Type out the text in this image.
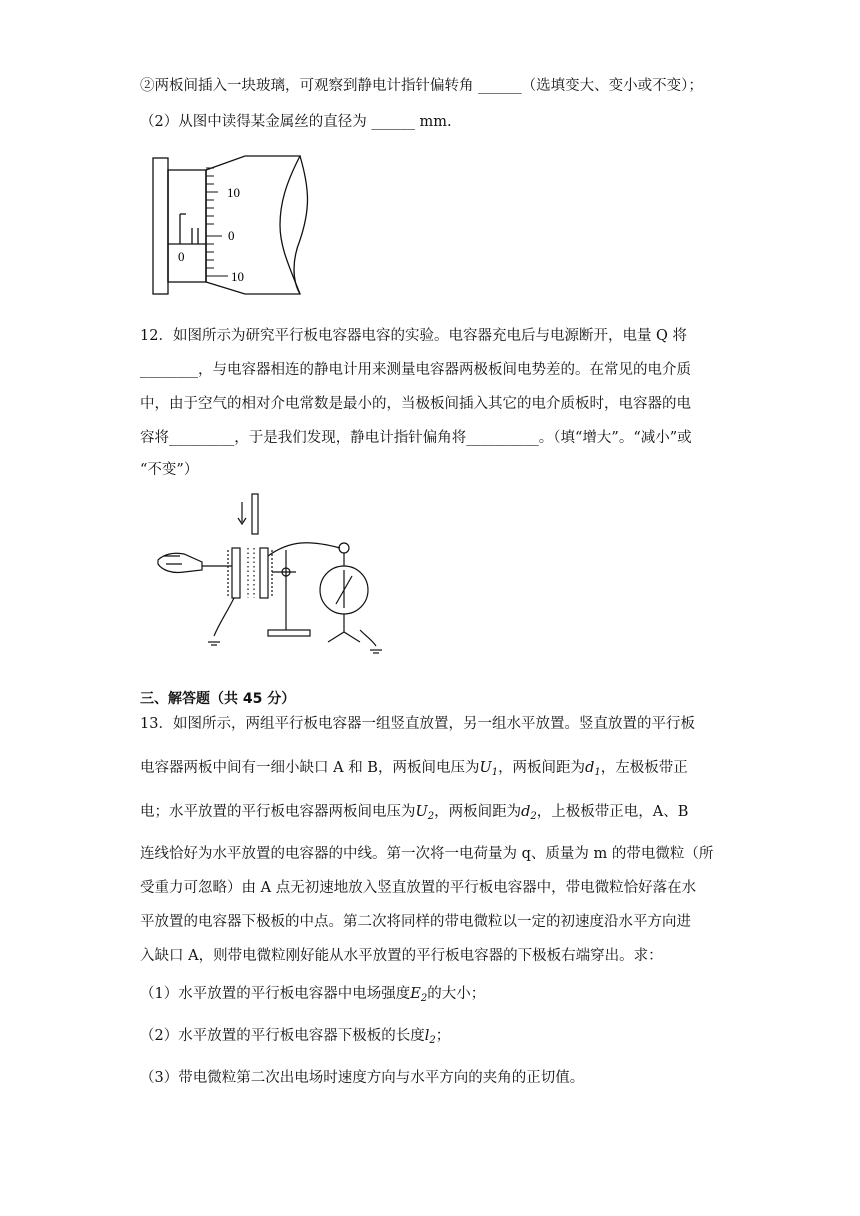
②两板间插入一块玻璃，可观察到静电计指针偏转角 ______（选填变大、变小或不变）；
（2）从图中读得某金属丝的直径为 ______ mm.
10
0
10
0
12．如图所示为研究平行板电容器电容的实验。电容器充电后与电源断开，电量 Q 将
________，与电容器相连的静电计用来测量电容器两极板间电势差的。在常见的电介质
中，由于空气的相对介电常数是最小的，当极板间插入其它的电介质板时，电容器的电
容将_________，于是我们发现，静电计指针偏角将__________。（填“增大”。“减小”或
“不变”）
三、解答题（共 45 分）
13．如图所示，两组平行板电容器一组竖直放置，另一组水平放置。竖直放置的平行板
电容器两板中间有一细小缺口 A 和 B，两板间电压为$U_1$，两板间距为$d_1$，左极板带正
电；水平放置的平行板电容器两板间电压为$U_2$，两板间距为$d_2$，上极板带正电，A、B
连线恰好为水平放置的电容器的中线。第一次将一电荷量为 q、质量为 m 的带电微粒（所
受重力可忽略）由 A 点无初速地放入竖直放置的平行板电容器中，带电微粒恰好落在水
平放置的电容器下极板的中点。第二次将同样的带电微粒以一定的初速度沿水平方向进
入缺口 A，则带电微粒刚好能从水平放置的平行板电容器的下极板右端穿出。求：
（1）水平放置的平行板电容器中电场强度$E_2$的大小；
（2）水平放置的平行板电容器下极板的长度$l_2$；
（3）带电微粒第二次出电场时速度方向与水平方向的夹角的正切值。
